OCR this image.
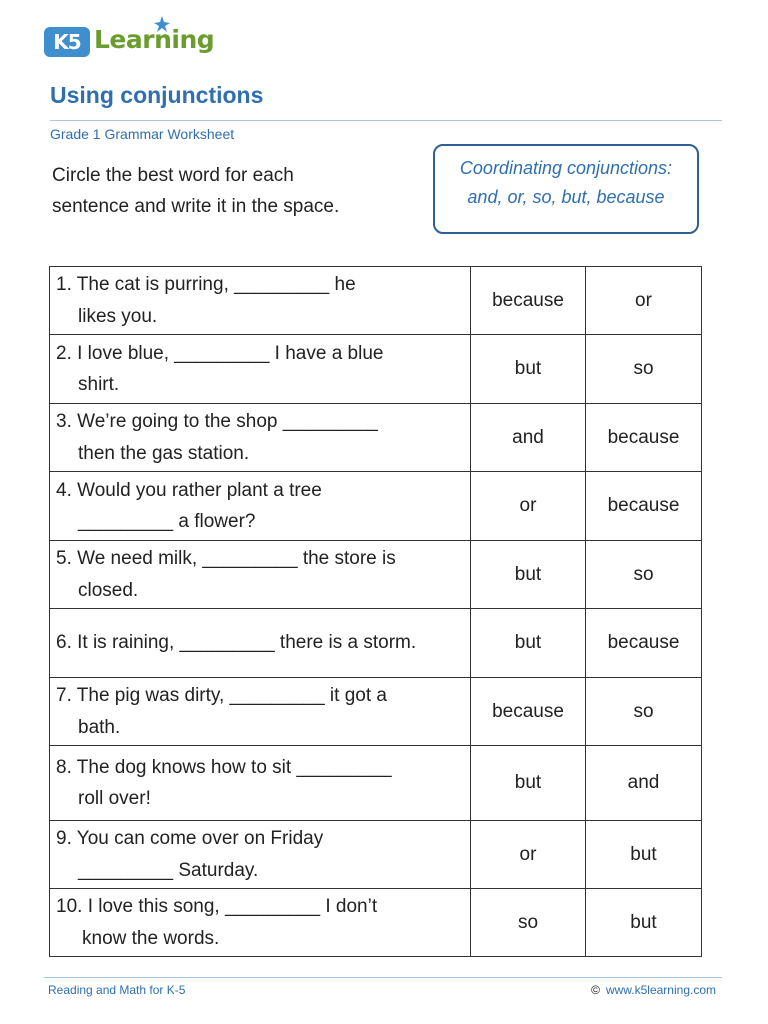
K5 Learning
Using conjunctions
Grade 1 Grammar Worksheet
Circle the best word for each
sentence and write it in the space.
Coordinating conjunctions:
and, or, so, but, because
1. The cat is purring, _________ he
likes you.	because	or

2. I love blue, _________ I have a blue
shirt.	but	so

3. We’re going to the shop _________
then the gas station.	and	because

4. Would you rather plant a tree
_________ a flower?	or	because

5. We need milk, _________ the store is
closed.	but	so

6. It is raining, _________ there is a storm.	but	because

7. The pig was dirty, _________ it got a
bath.	because	so

8. The dog knows how to sit _________
roll over!	but	and

9. You can come over on Friday
_________ Saturday.	or	but

10. I love this song, _________ I don’t
know the words.	so	but
Reading and Math for K-5	© www.k5learning.com
